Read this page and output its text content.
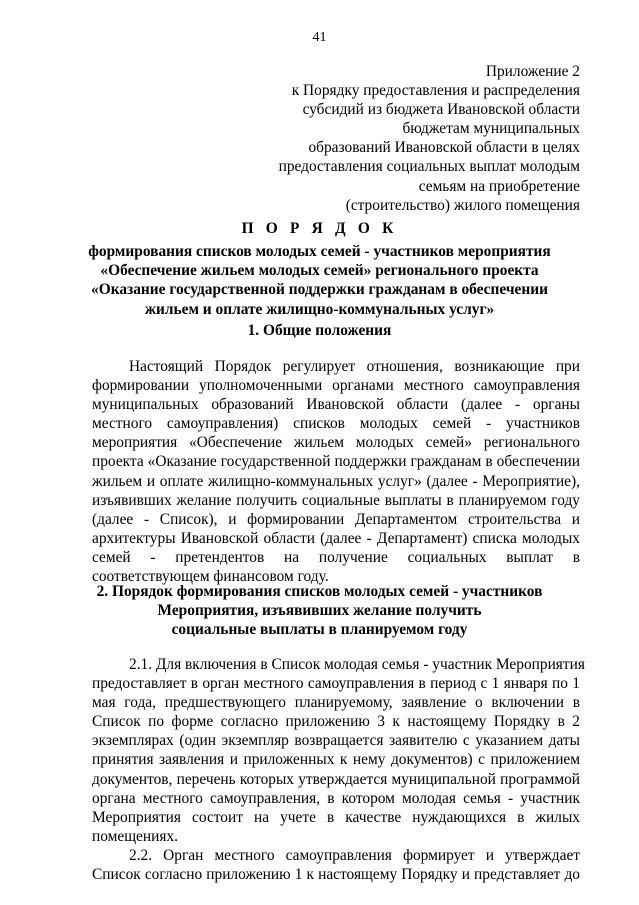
41
Приложение 2
к Порядку предоставления и распределения
субсидий из бюджета Ивановской области
бюджетам муниципальных
образований Ивановской области в целях
предоставления социальных выплат молодым
семьям на приобретение
(строительство) жилого помещения
П О Р Я Д О К
формирования списков молодых семей - участников мероприятия
«Обеспечение жильем молодых семей» регионального проекта
«Оказание государственной поддержки гражданам в обеспечении
жильем и оплате жилищно-коммунальных услуг»
1. Общие положения
Настоящий Порядок регулирует отношения, возникающие при
формировании уполномоченными органами местного самоуправления
муниципальных образований Ивановской области (далее - органы
местного самоуправления) списков молодых семей - участников
мероприятия «Обеспечение жильем молодых семей» регионального
проекта «Оказание государственной поддержки гражданам в обеспечении
жильем и оплате жилищно-коммунальных услуг» (далее - Мероприятие),
изъявивших желание получить социальные выплаты в планируемом году
(далее - Список), и формировании Департаментом строительства и
архитектуры Ивановской области (далее - Департамент) списка молодых
семей - претендентов на получение социальных выплат в
соответствующем финансовом году.
2. Порядок формирования списков молодых семей - участников
Мероприятия, изъявивших желание получить
социальные выплаты в планируемом году
2.1. Для включения в Список молодая семья - участник Мероприятия
предоставляет в орган местного самоуправления в период с 1 января по 1
мая года, предшествующего планируемому, заявление о включении в
Список по форме согласно приложению 3 к настоящему Порядку в 2
экземплярах (один экземпляр возвращается заявителю с указанием даты
принятия заявления и приложенных к нему документов) с приложением
документов, перечень которых утверждается муниципальной программой
органа местного самоуправления, в котором молодая семья - участник
Мероприятия состоит на учете в качестве нуждающихся в жилых
помещениях.
2.2. Орган местного самоуправления формирует и утверждает
Список согласно приложению 1 к настоящему Порядку и представляет до
